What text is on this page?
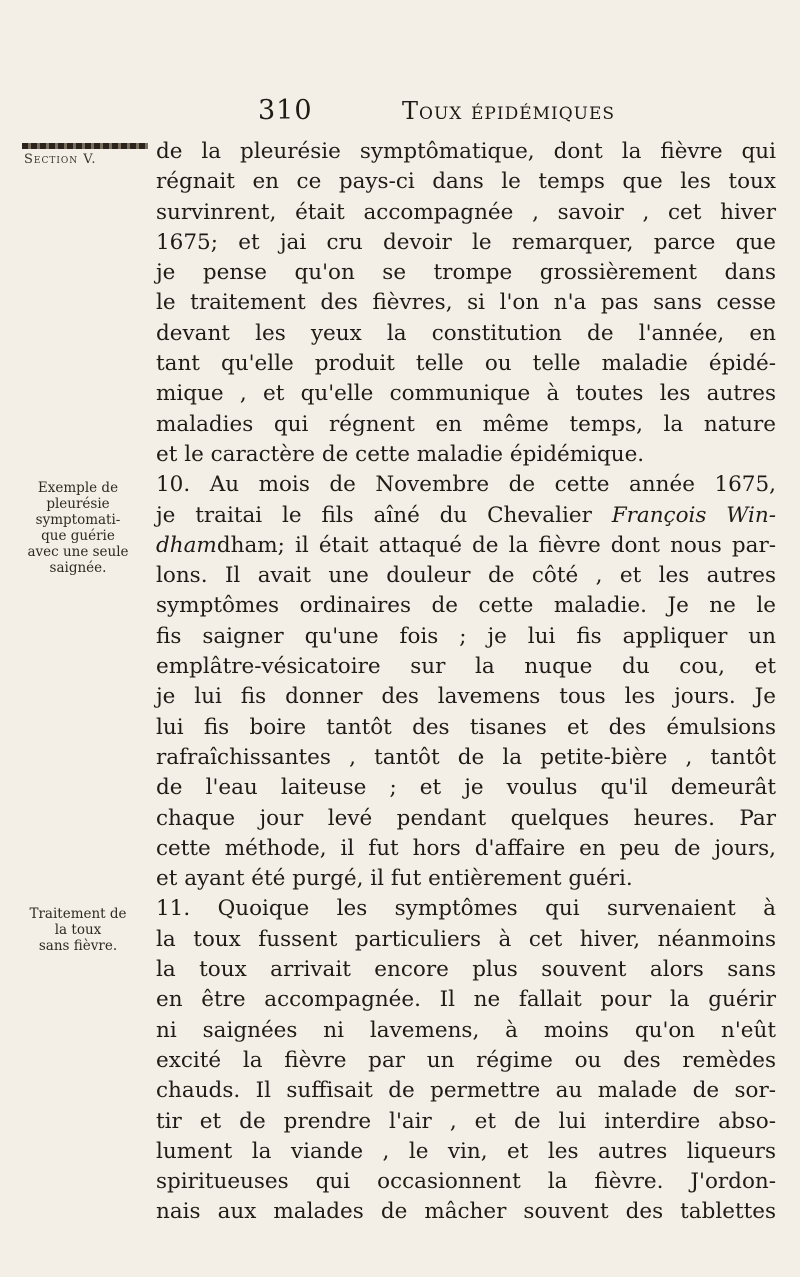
310	Toux épidémiques
Section V.
Exemple de
pleurésie
symptomati-
que guérie
avec une seule
saignée.
Traitement de
la toux
sans fièvre.
de la pleurésie symptômatique, dont la fièvre qui
régnait en ce pays-ci dans le temps que les toux
survinrent, était accompagnée , savoir , cet hiver
1675; et jai cru devoir le remarquer, parce que
je pense qu'on se trompe grossièrement dans
le traitement des fièvres, si l'on n'a pas sans cesse
devant les yeux la constitution de l'année, en
tant qu'elle produit telle ou telle maladie épidé-
mique , et qu'elle communique à toutes les autres
maladies qui régnent en même temps, la nature
et le caractère de cette maladie épidémique.
10. Au mois de Novembre de cette année 1675,
je traitai le fils aîné du Chevalier François Win-
dhamdham; il était attaqué de la fièvre dont nous par-
lons. Il avait une douleur de côté , et les autres
symptômes ordinaires de cette maladie. Je ne le
fis saigner qu'une fois ; je lui fis appliquer un
emplâtre-vésicatoire sur la nuque du cou, et
je lui fis donner des lavemens tous les jours. Je
lui fis boire tantôt des tisanes et des émulsions
rafraîchissantes , tantôt de la petite-bière , tantôt
de l'eau laiteuse ; et je voulus qu'il demeurât
chaque jour levé pendant quelques heures. Par
cette méthode, il fut hors d'affaire en peu de jours,
et ayant été purgé, il fut entièrement guéri.
11. Quoique les symptômes qui survenaient à
la toux fussent particuliers à cet hiver, néanmoins
la toux arrivait encore plus souvent alors sans
en être accompagnée. Il ne fallait pour la guérir
ni saignées ni lavemens, à moins qu'on n'eût
excité la fièvre par un régime ou des remèdes
chauds. Il suffisait de permettre au malade de sor-
tir et de prendre l'air , et de lui interdire abso-
lument la viande , le vin, et les autres liqueurs
spiritueuses qui occasionnent la fièvre. J'ordon-
nais aux malades de mâcher souvent des tablettes
